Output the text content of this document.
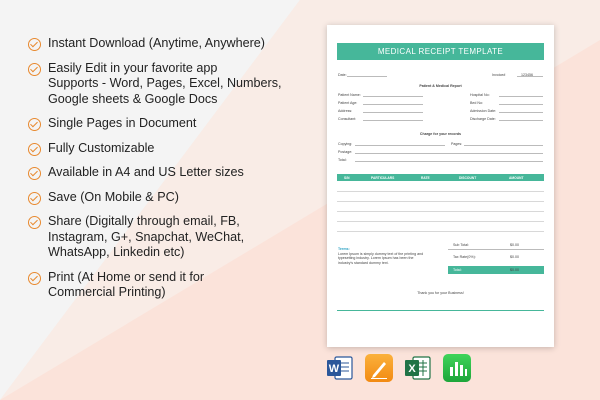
Instant Download (Anytime, Anywhere)
Easily Edit in your favorite app
Supports - Word, Pages, Excel, Numbers,
Google sheets & Google Docs
Single Pages in Document
Fully Customizable
Available in A4 and US Letter sizes
Save (On Mobile & PC)
Share (Digitally through email, FB,
Instagram, G+, Snapchat, WeChat,
WhatsApp, Linkedin etc)
Print (At Home or send it for
Commercial Printing)
MEDICAL RECEIPT TEMPLATE
Date:	Invoice#	123456
Patient & Medical Report
Patient Name:
Patient Age:
Address:
Consultant:
Hospital No:
Bed No:
Admission Date:
Discharge Date:
Charge for your records
Copying:	Pages:
Postage:
Total:
S/N	PARTICULARS	RATE	DISCOUNT	AMOUNT
Terms:
Lorem Ipsum is simply dummy text of the printing and typesetting industry. Lorem Ipsum has been the industry's standard dummy text.
Sub Total:	$0.00
Tax Rate(0%):	$0.00
Total:	$0.00
Thank you for your Business!
W	X
